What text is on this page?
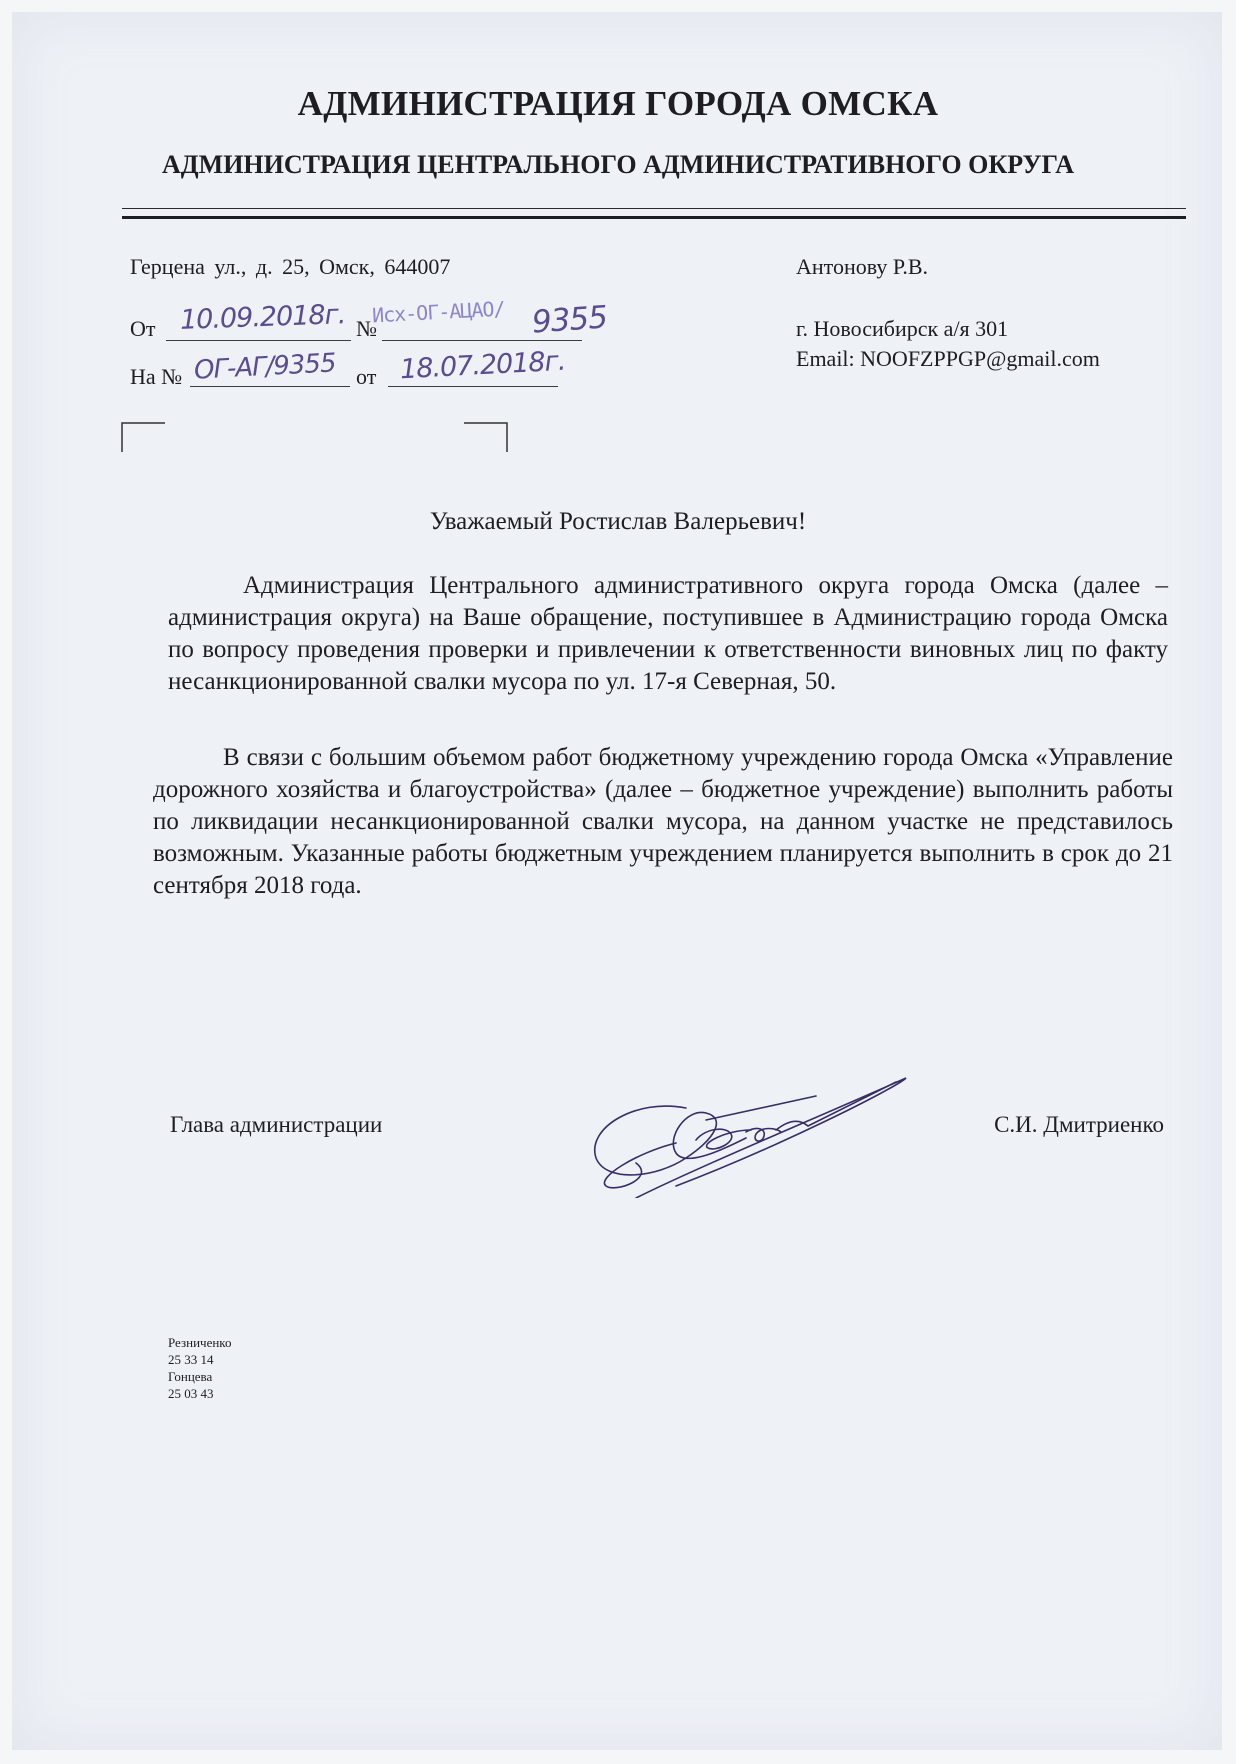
АДМИНИСТРАЦИЯ ГОРОДА ОМСКА
АДМИНИСТРАЦИЯ ЦЕНТРАЛЬНОГО АДМИНИСТРАТИВНОГО ОКРУГА
Герцена ул., д. 25, Омск, 644007
От 10.09.2018г. №
Исх-ОГ-АЦАО/ 9355
На № ОГ-АГ/9355 от 18.07.2018г.
Антонову Р.В.
г. Новосибирск а/я 301
Email: NOOFZPPGP@gmail.com
Уважаемый Ростислав Валерьевич!
Администрация Центрального административного округа города Омска (далее – администрация округа) на Ваше обращение, поступившее в Администрацию города Омска по вопросу проведения проверки и привлечении к ответственности виновных лиц по факту несанкционированной свалки мусора по ул. 17-я Северная, 50.
В связи с большим объемом работ бюджетному учреждению города Омска «Управление дорожного хозяйства и благоустройства» (далее – бюджетное учреждение) выполнить работы по ликвидации несанкционированной свалки мусора, на данном участке не представилось возможным. Указанные работы бюджетным учреждением планируется выполнить в срок до 21 сентября 2018 года.
Глава администрации	С.И. Дмитриенко
Резниченко
25 33 14
Гонцева
25 03 43
